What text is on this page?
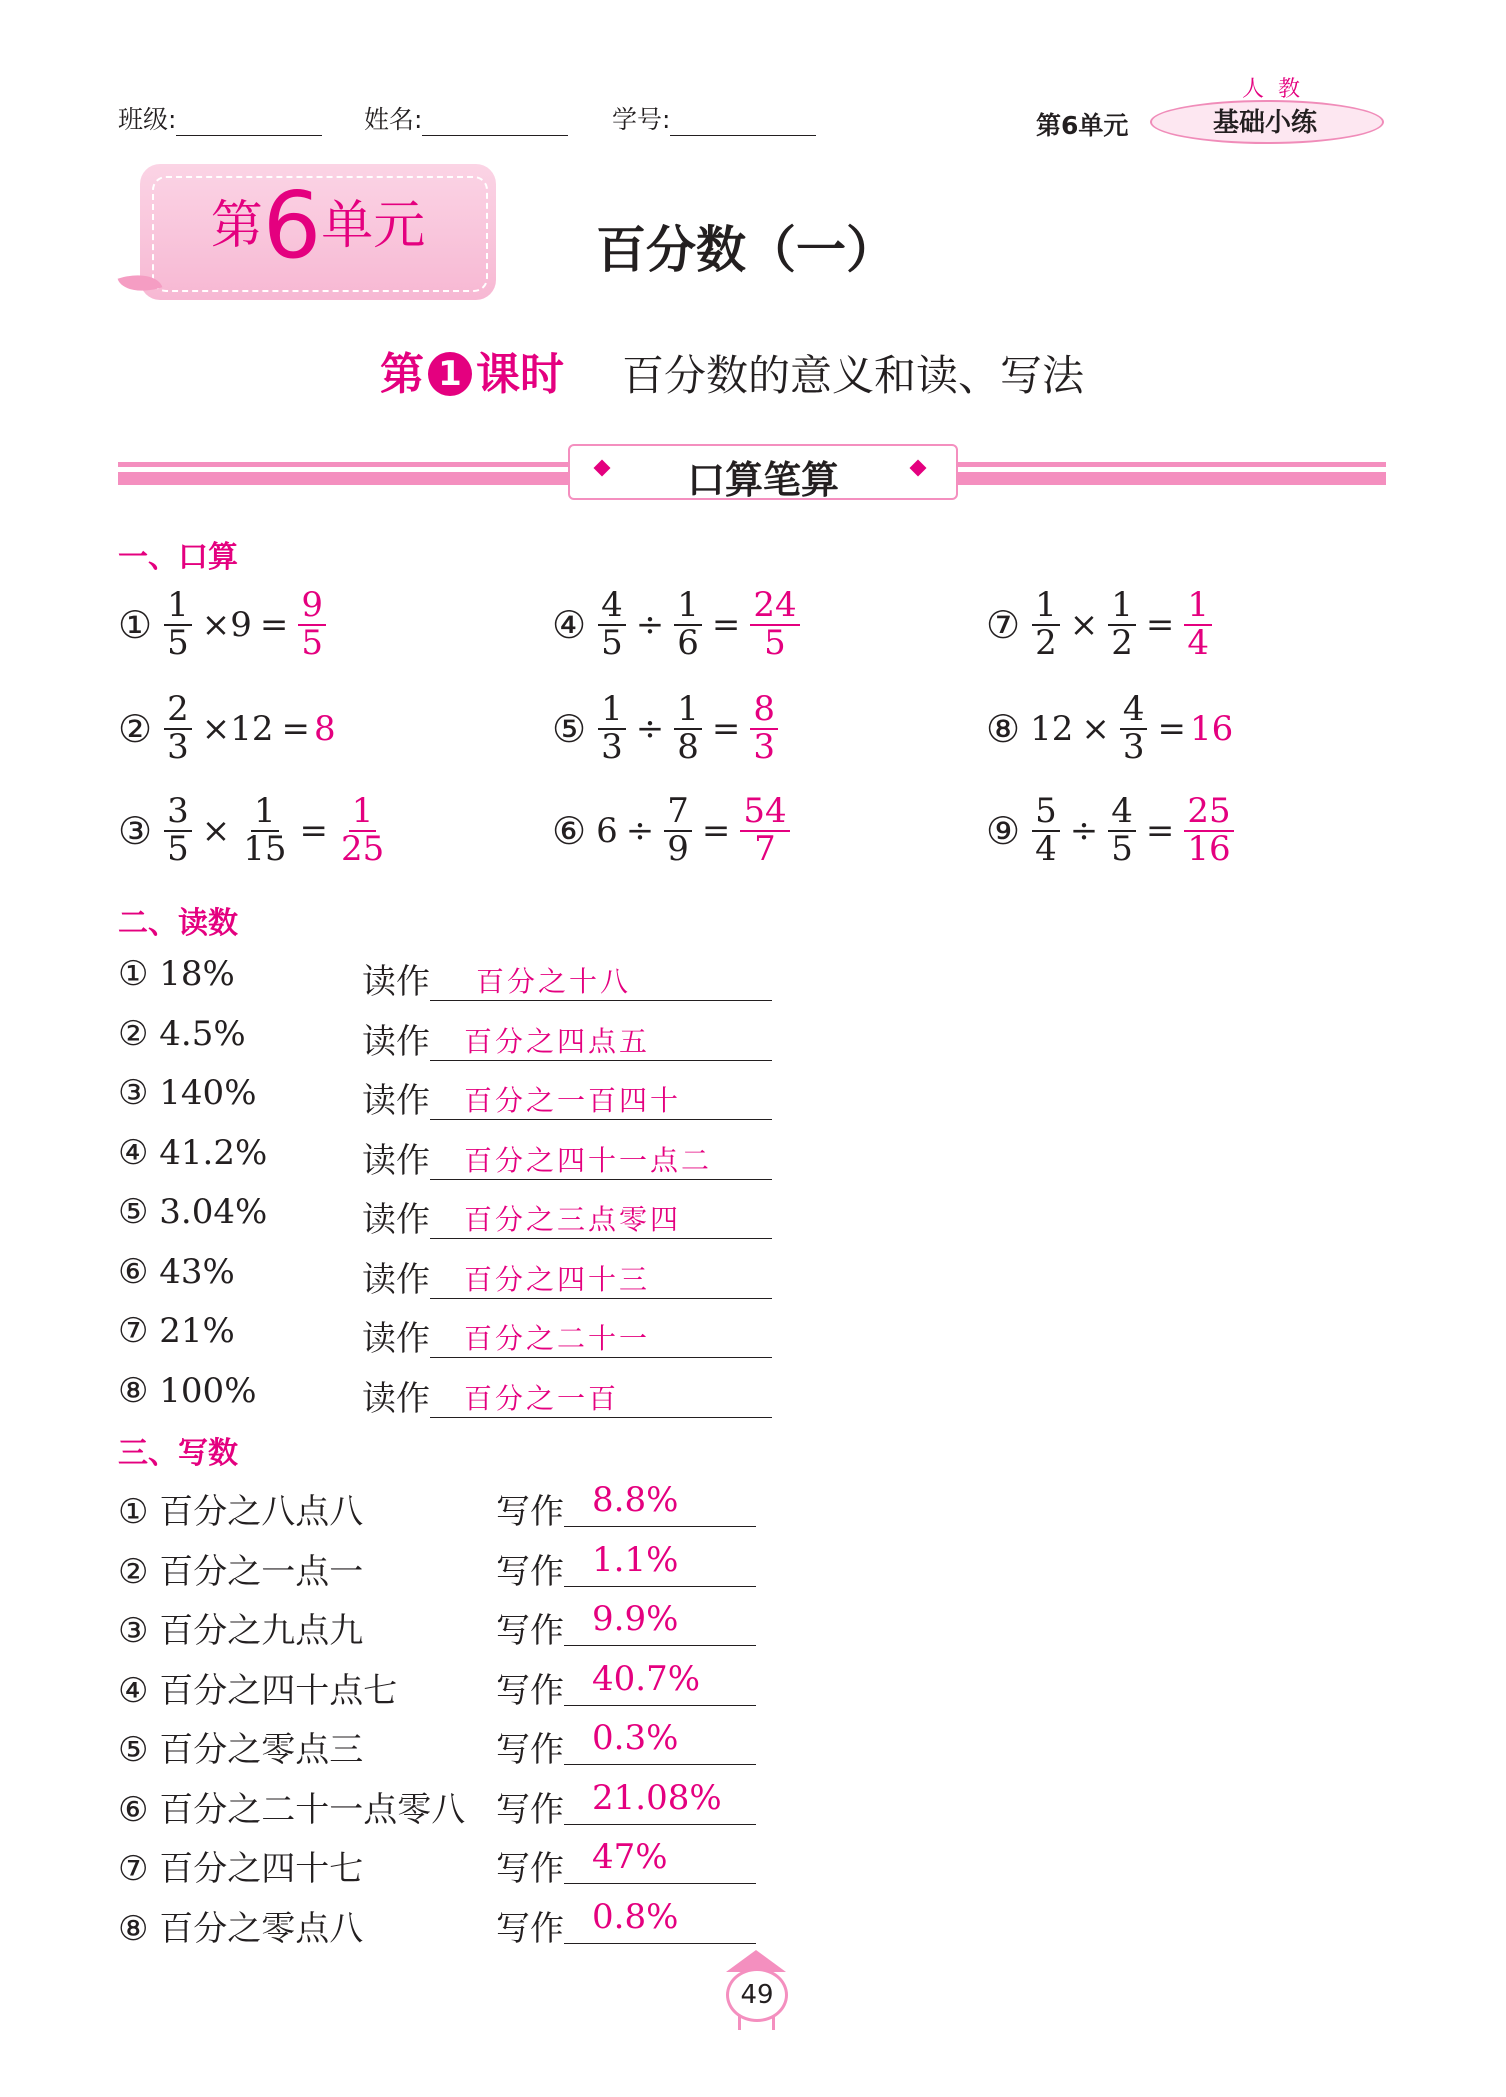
班级:	姓名:	学号:	第6单元
人教
基础小练
第6单元	百分数（一）
第 1 课时 百分数的意义和读、写法
口算笔算
一、口算
① $\frac{1}{5} \times 9 = \frac{9}{5}$
② $\frac{2}{3} \times 12 = 8$
③ $\frac{3}{5} \times \frac{1}{15} = \frac{1}{25}$
④ $\frac{4}{5} \div \frac{1}{6} = \frac{24}{5}$
⑤ $\frac{1}{3} \div \frac{1}{8} = \frac{8}{3}$
⑥ $6 \div \frac{7}{9} = \frac{54}{7}$
⑦ $\frac{1}{2} \times \frac{1}{2} = \frac{1}{4}$
⑧ $12 \times \frac{4}{3} = 16$
⑨ $\frac{5}{4} \div \frac{4}{5} = \frac{25}{16}$
二、读数
① 18%	读作 百分之十八
② 4.5%	读作 百分之四点五
③ 140%	读作 百分之一百四十
④ 41.2%	读作 百分之四十一点二
⑤ 3.04%	读作 百分之三点零四
⑥ 43%	读作 百分之四十三
⑦ 21%	读作 百分之二十一
⑧ 100%	读作 百分之一百
三、写数
① 百分之八点八	写作 8.8%
② 百分之一点一	写作 1.1%
③ 百分之九点九	写作 9.9%
④ 百分之四十点七	写作 40.7%
⑤ 百分之零点三	写作 0.3%
⑥ 百分之二十一点零八 写作 21.08%
⑦ 百分之四十七	写作 47%
⑧ 百分之零点八	写作 0.8%
49
